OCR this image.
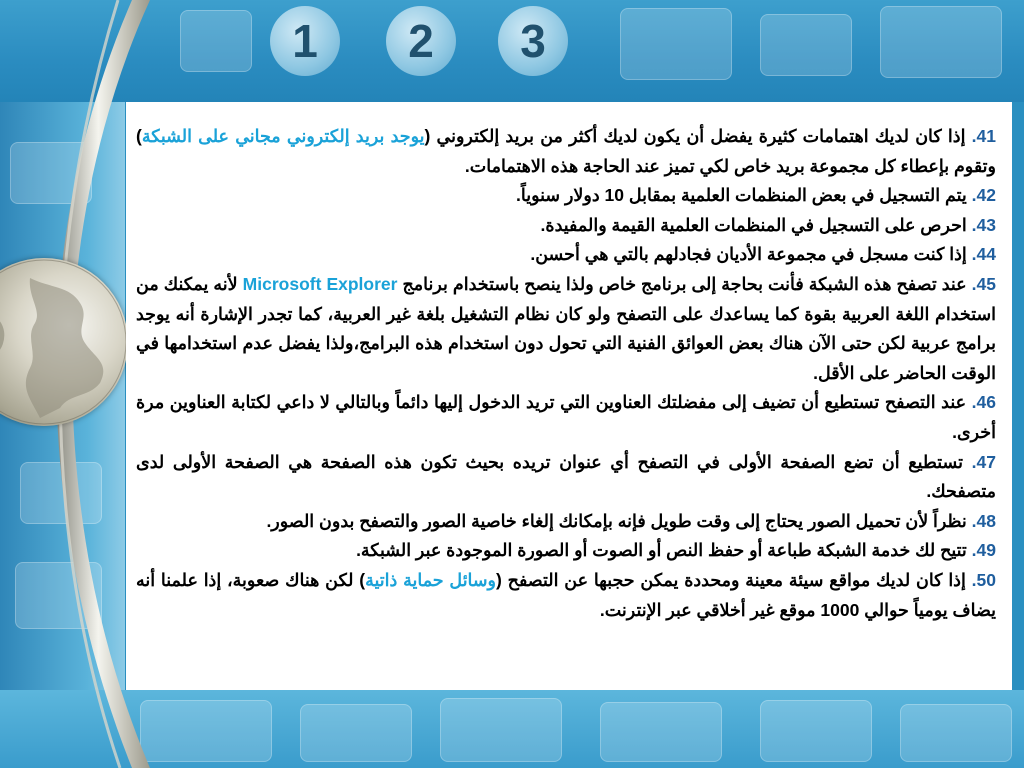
1	2	3

41. إذا كان لديك اهتمامات كثيرة يفضل أن يكون لديك أكثر من بريد إلكتروني (يوجد بريد إلكتروني مجاني على الشبكة) وتقوم بإعطاء كل مجموعة بريد خاص لكي تميز عند الحاجة هذه الاهتمامات.

42. يتم التسجيل في بعض المنظمات العلمية بمقابل 10 دولار سنوياً.

43. احرص على التسجيل في المنظمات العلمية القيمة والمفيدة.

44. إذا كنت مسجل في مجموعة الأديان فجادلهم بالتي هي أحسن.

45. عند تصفح هذه الشبكة فأنت بحاجة إلى برنامج خاص ولذا ينصح باستخدام برنامج Microsoft Explorer لأنه يمكنك من استخدام اللغة العربية بقوة كما يساعدك على التصفح ولو كان نظام التشغيل بلغة غير العربية، كما تجدر الإشارة أنه يوجد برامج عربية لكن حتى الآن هناك بعض العوائق الفنية التي تحول دون استخدام هذه البرامج،ولذا يفضل عدم استخدامها في الوقت الحاضر على الأقل.

46. عند التصفح تستطيع أن تضيف إلى مفضلتك العناوين التي تريد الدخول إليها دائماً وبالتالي لا داعي لكتابة العناوين مرة أخرى.

47. تستطيع أن تضع الصفحة الأولى في التصفح أي عنوان تريده بحيث تكون هذه الصفحة هي الصفحة الأولى لدى متصفحك.

48. نظراً لأن تحميل الصور يحتاج إلى وقت طويل فإنه بإمكانك إلغاء خاصية الصور والتصفح بدون الصور.

49. تتيح لك خدمة الشبكة طباعة أو حفظ النص أو الصوت أو الصورة الموجودة عبر الشبكة.

50. إذا كان لديك مواقع سيئة معينة ومحددة يمكن حجبها عن التصفح (وسائل حماية ذاتية) لكن هناك صعوبة، إذا علمنا أنه يضاف يومياً حوالي 1000 موقع غير أخلاقي عبر الإنترنت.
